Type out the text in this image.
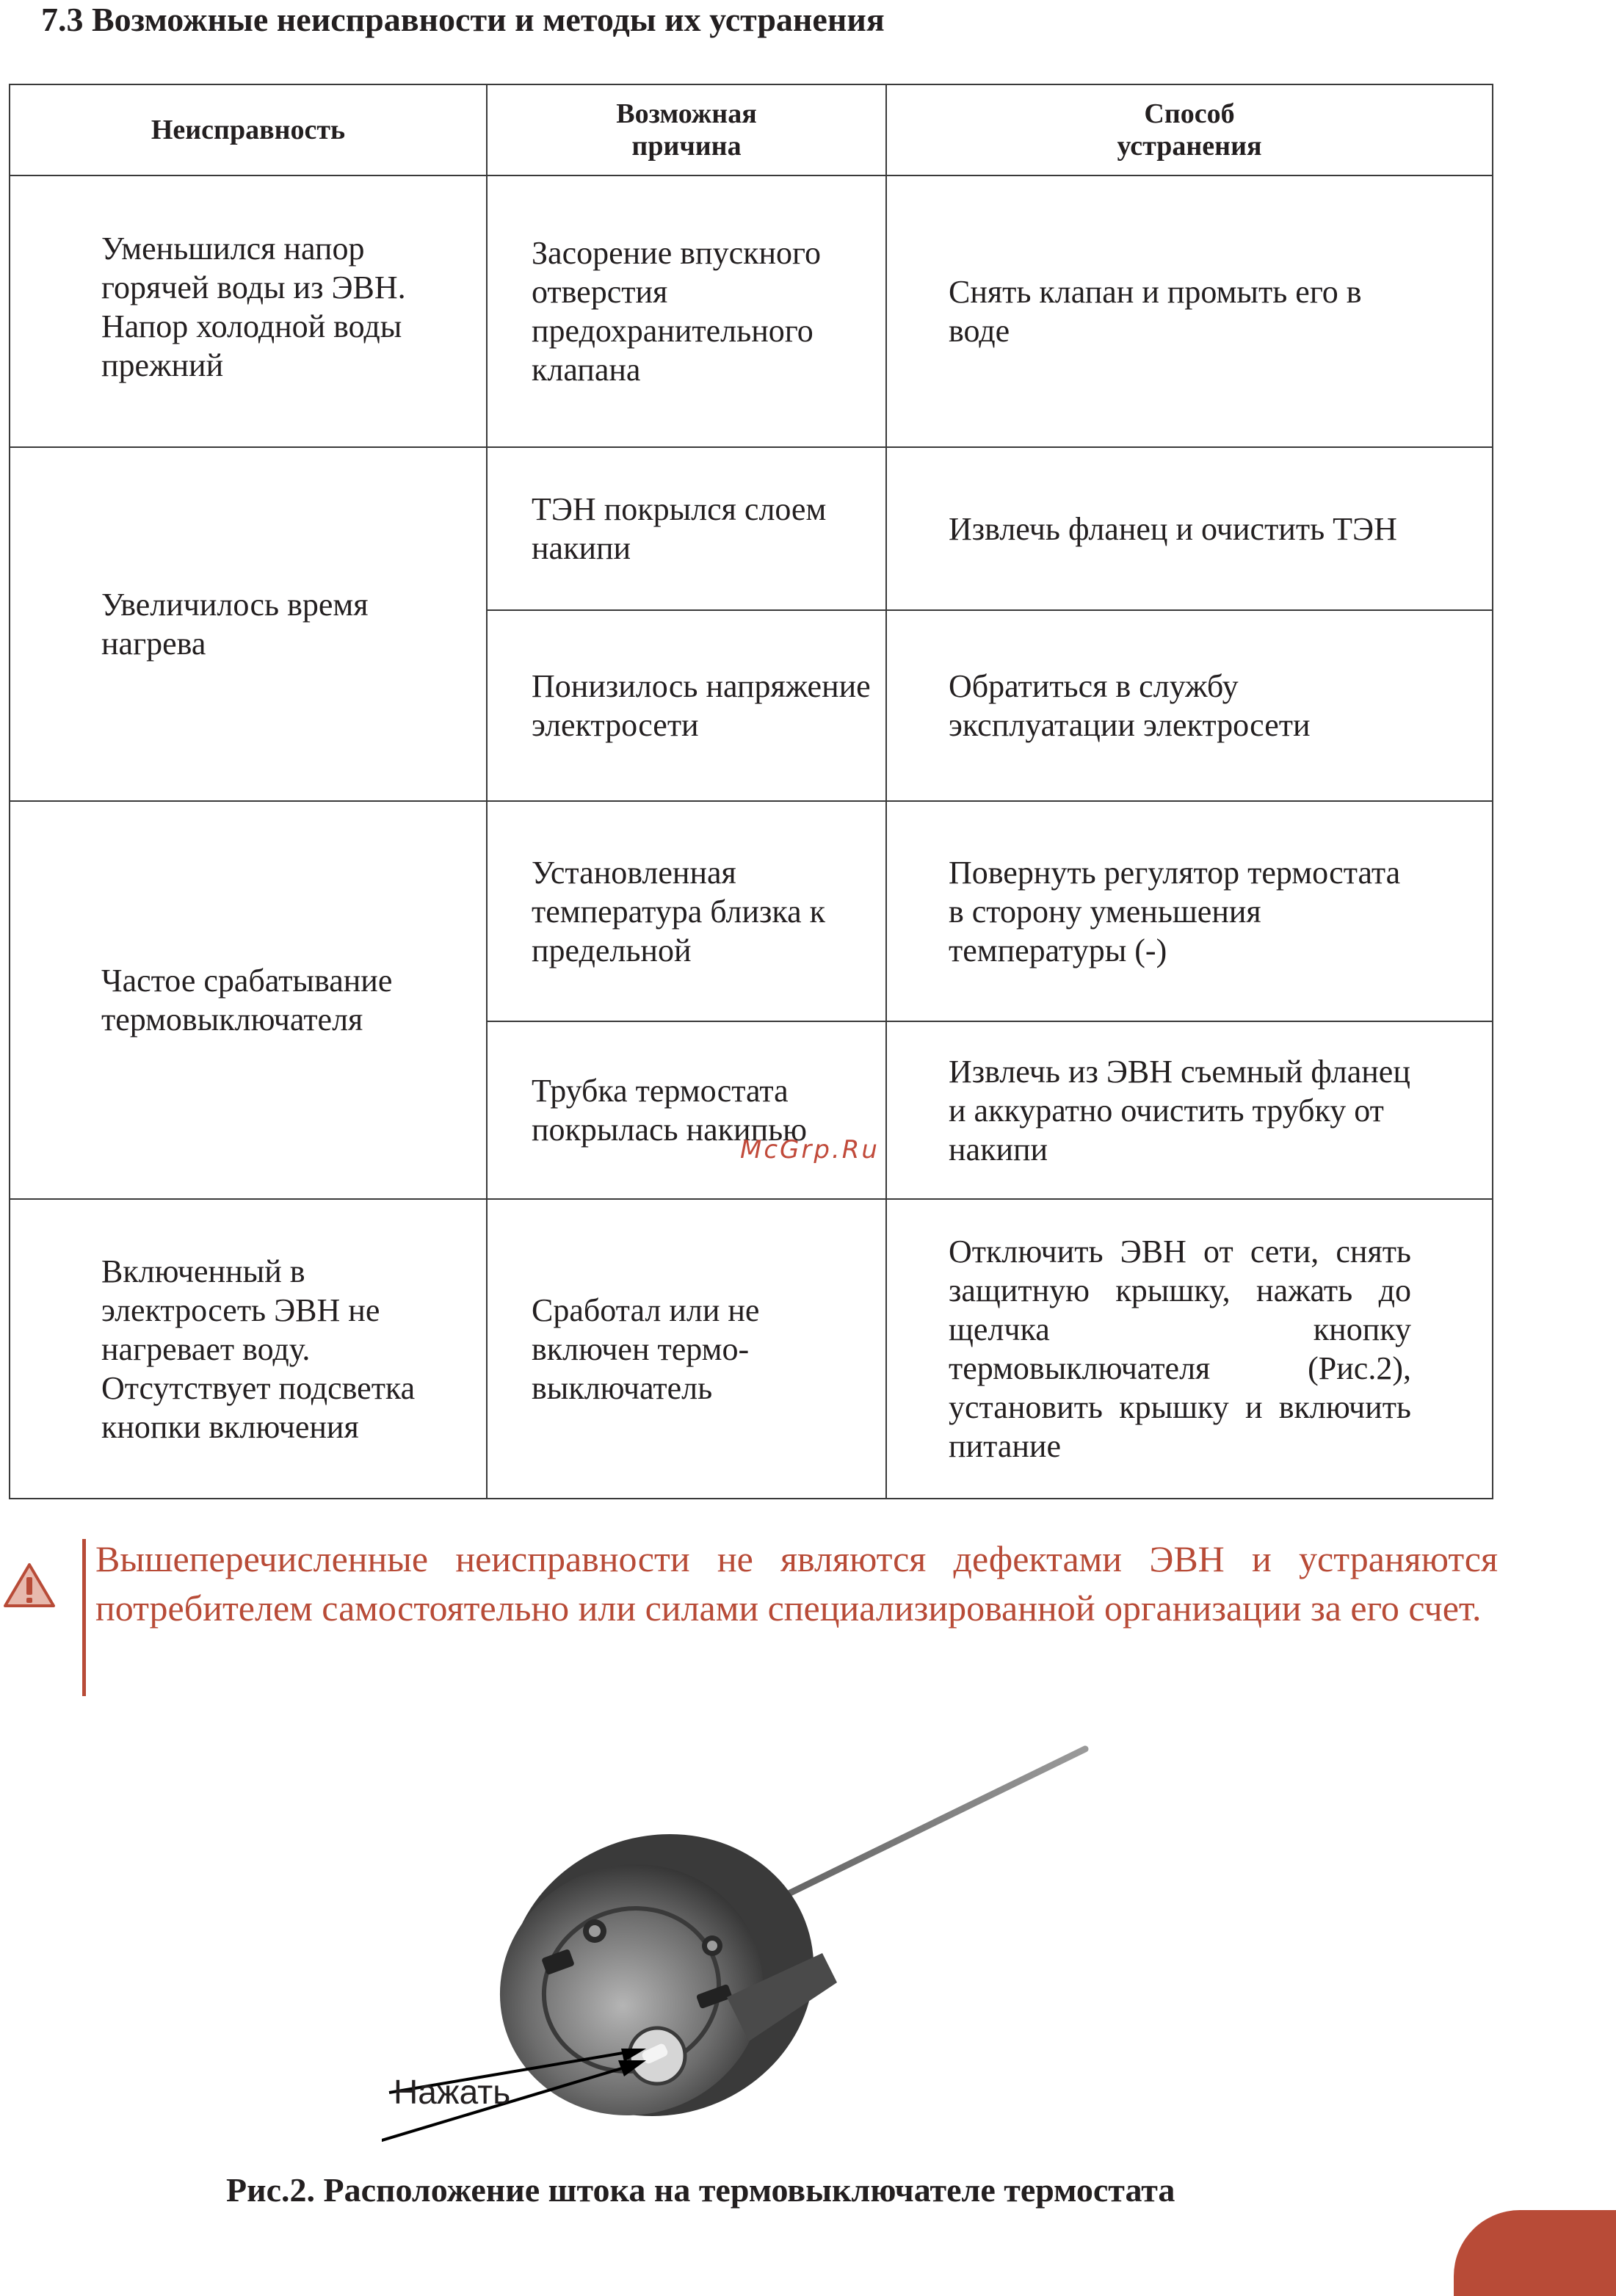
7.3 Возможные неисправности и методы их устранения
Неисправность	Возможная причина	Способ устранения

Уменьшился напор горячей воды из ЭВН. Напор холодной воды прежний	Засорение впускного отверстия предохранительного клапана	Снять клапан и промыть его в воде
Увеличилось время нагрева	ТЭН покрылся слоем накипи	Извлечь фланец и очистить ТЭН
	Понизилось напряжение электросети	Обратиться в службу эксплуатации электросети
Частое срабатывание термовыключателя	Установленная температура близка к предельной	Повернуть регулятор термостата в сторону уменьшения температуры (-)
	Трубка термостата покрылась накипью	Извлечь из ЭВН съемный фланец и аккуратно очистить трубку от накипи
Включенный в электросеть ЭВН не нагревает воду. Отсутствует подсветка кнопки включения	Сработал или не включен термо-выключатель	Отключить ЭВН от сети, снять защитную крышку, нажать до щелчка кнопку термовыключателя (Рис.2), установить крышку и включить питание
McGrp.Ru
Вышеперечисленные неисправности не являются дефектами ЭВН и устраняются потребителем самостоятельно или силами специализированной организации за его счет.
Нажать
Рис.2. Расположение штока на термовыключателе термостата
